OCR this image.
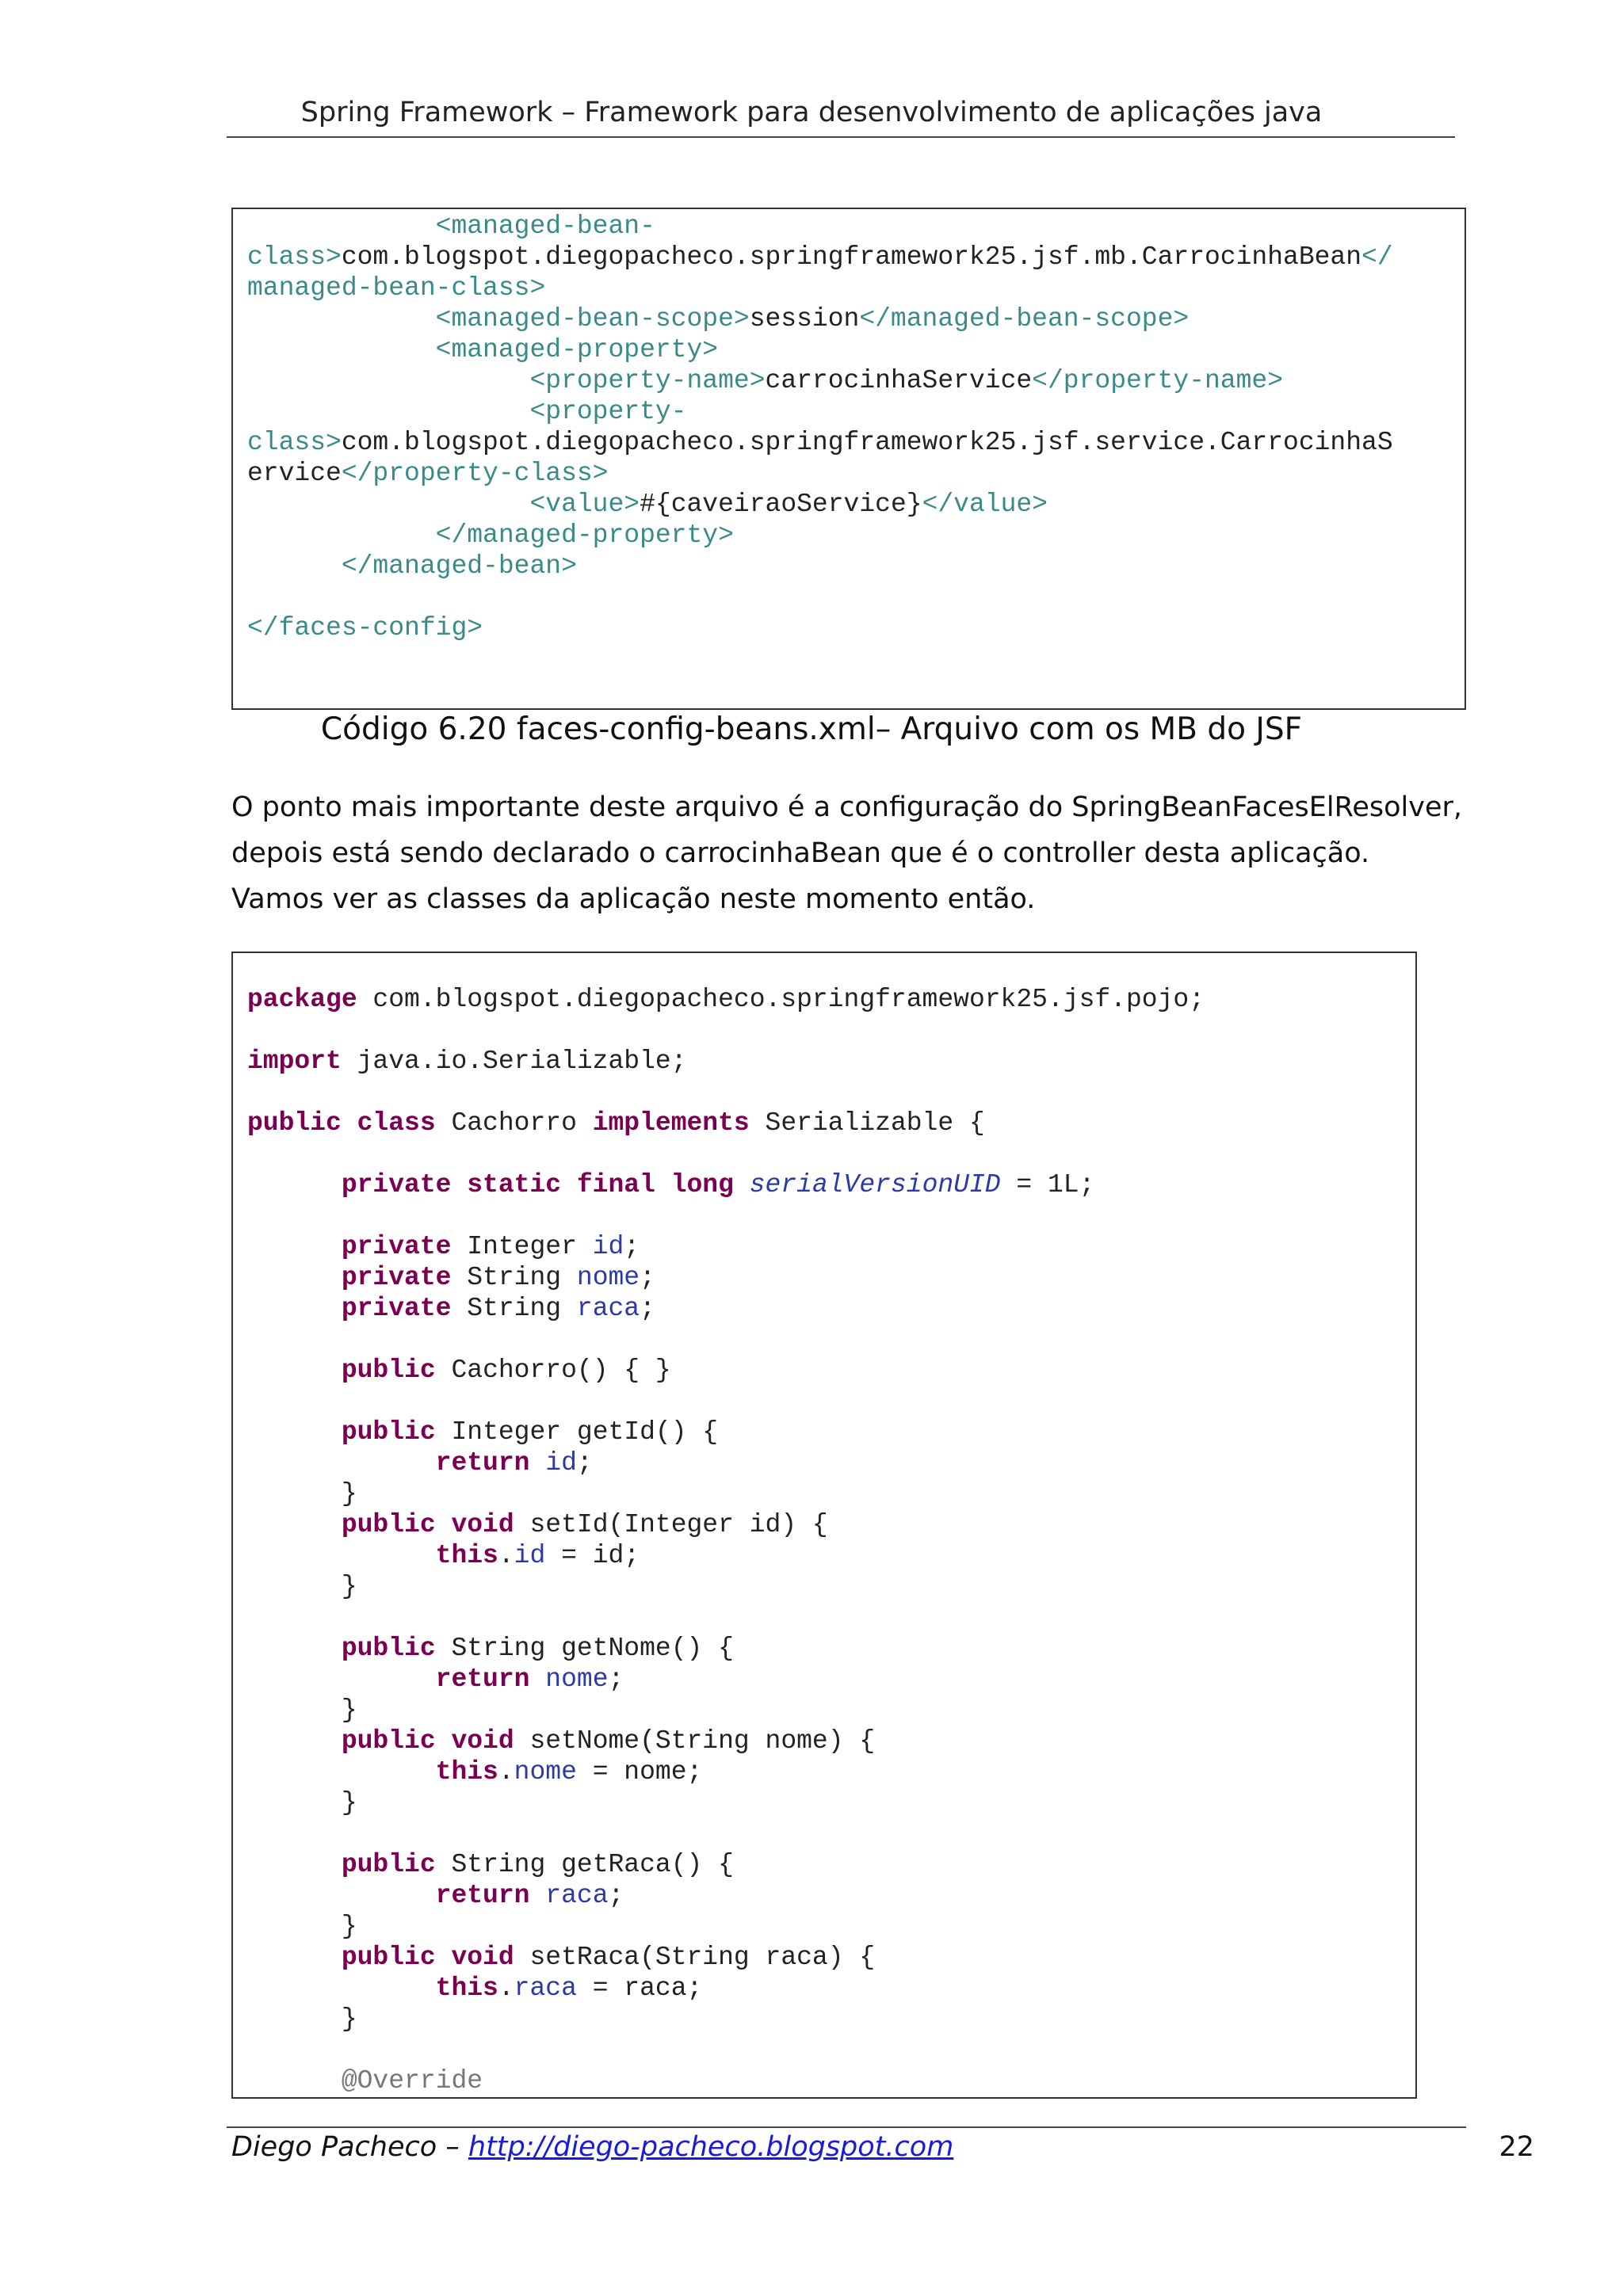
Spring Framework – Framework para desenvolvimento de aplicações java
<managed-bean-
class>com.blogspot.diegopacheco.springframework25.jsf.mb.CarrocinhaBean</
managed-bean-class>
<managed-bean-scope>session</managed-bean-scope>
<managed-property>
<property-name>carrocinhaService</property-name>
<property-
class>com.blogspot.diegopacheco.springframework25.jsf.service.CarrocinhaS
ervice</property-class>
<value>#{caveiraoService}</value>
</managed-property>
</managed-bean>
</faces-config>
Código 6.20 faces-config-beans.xml– Arquivo com os MB do JSF
O ponto mais importante deste arquivo é a configuração do SpringBeanFacesElResolver, depois está sendo declarado o carrocinhaBean que é o controller desta aplicação. Vamos ver as classes da aplicação neste momento então.
package com.blogspot.diegopacheco.springframework25.jsf.pojo;
import java.io.Serializable;
public class Cachorro implements Serializable {
private static final long serialVersionUID = 1L;
private Integer id;
private String nome;
private String raca;
public Cachorro() { }
public Integer getId() {
return id;
}
public void setId(Integer id) {
this.id = id;
}
public String getNome() {
return nome;
}
public void setNome(String nome) {
this.nome = nome;
}
public String getRaca() {
return raca;
}
public void setRaca(String raca) {
this.raca = raca;
}
@Override
Diego Pacheco – http://diego-pacheco.blogspot.com	22
